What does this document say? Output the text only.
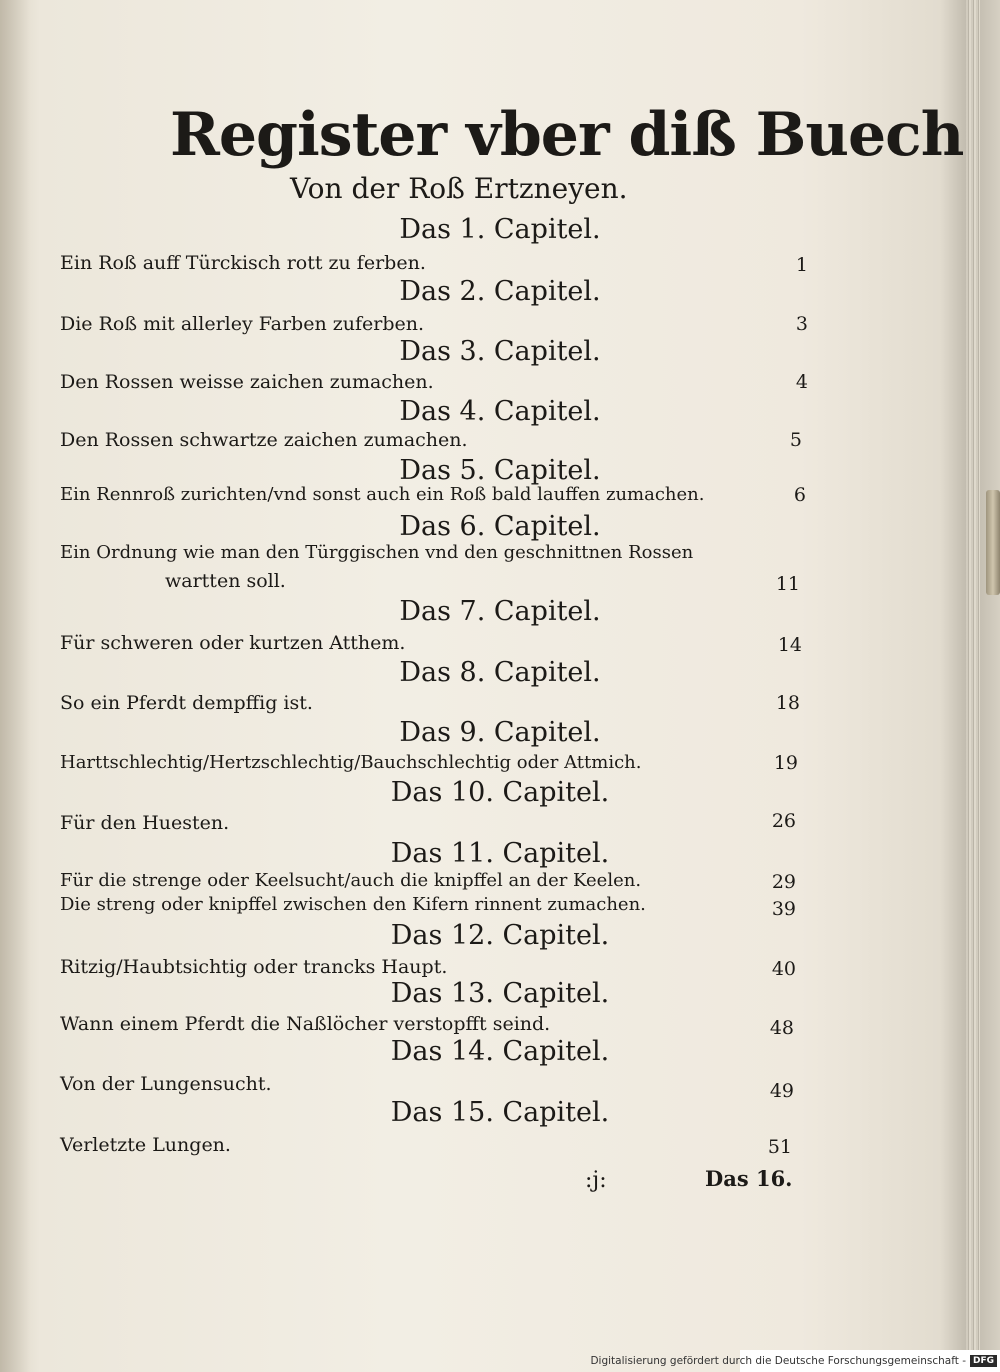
Register vber diß Buech
Von der Roß Ertzneyen.
Das 1. Capitel.
Ein Roß auff Türckisch rott zu ferben.	1
Das 2. Capitel.
Die Roß mit allerley Farben zuferben.	3
Das 3. Capitel.
Den Rossen weisse zaichen zumachen.	4
Das 4. Capitel.
Den Rossen schwartze zaichen zumachen.	5
Das 5. Capitel.
Ein Rennroß zurichten/vnd sonst auch ein Roß bald lauffen zumachen.	6
Das 6. Capitel.
Ein Ordnung wie man den Türggischen vnd den geschnittnen Rossen
wartten soll.	11
Das 7. Capitel.
Für schweren oder kurtzen Atthem.	14
Das 8. Capitel.
So ein Pferdt dempffig ist.	18
Das 9. Capitel.
Harttschlechtig/Hertzschlechtig/Bauchschlechtig oder Attmich.	19
Das 10. Capitel.
Für den Huesten.	26
Das 11. Capitel.
Für die strenge oder Keelsucht/auch die knipffel an der Keelen.	29
Die streng oder knipffel zwischen den Kifern rinnent zumachen.	39
Das 12. Capitel.
Ritzig/Haubtsichtig oder trancks Haupt.	40
Das 13. Capitel.
Wann einem Pferdt die Naßlöcher verstopfft seind.	48
Das 14. Capitel.
Von der Lungensucht.	49
Das 15. Capitel.
Verletzte Lungen.	51
:j:	Das 16.
Digitalisierung gefördert durch die Deutsche Forschungsgemeinschaft - DFG
